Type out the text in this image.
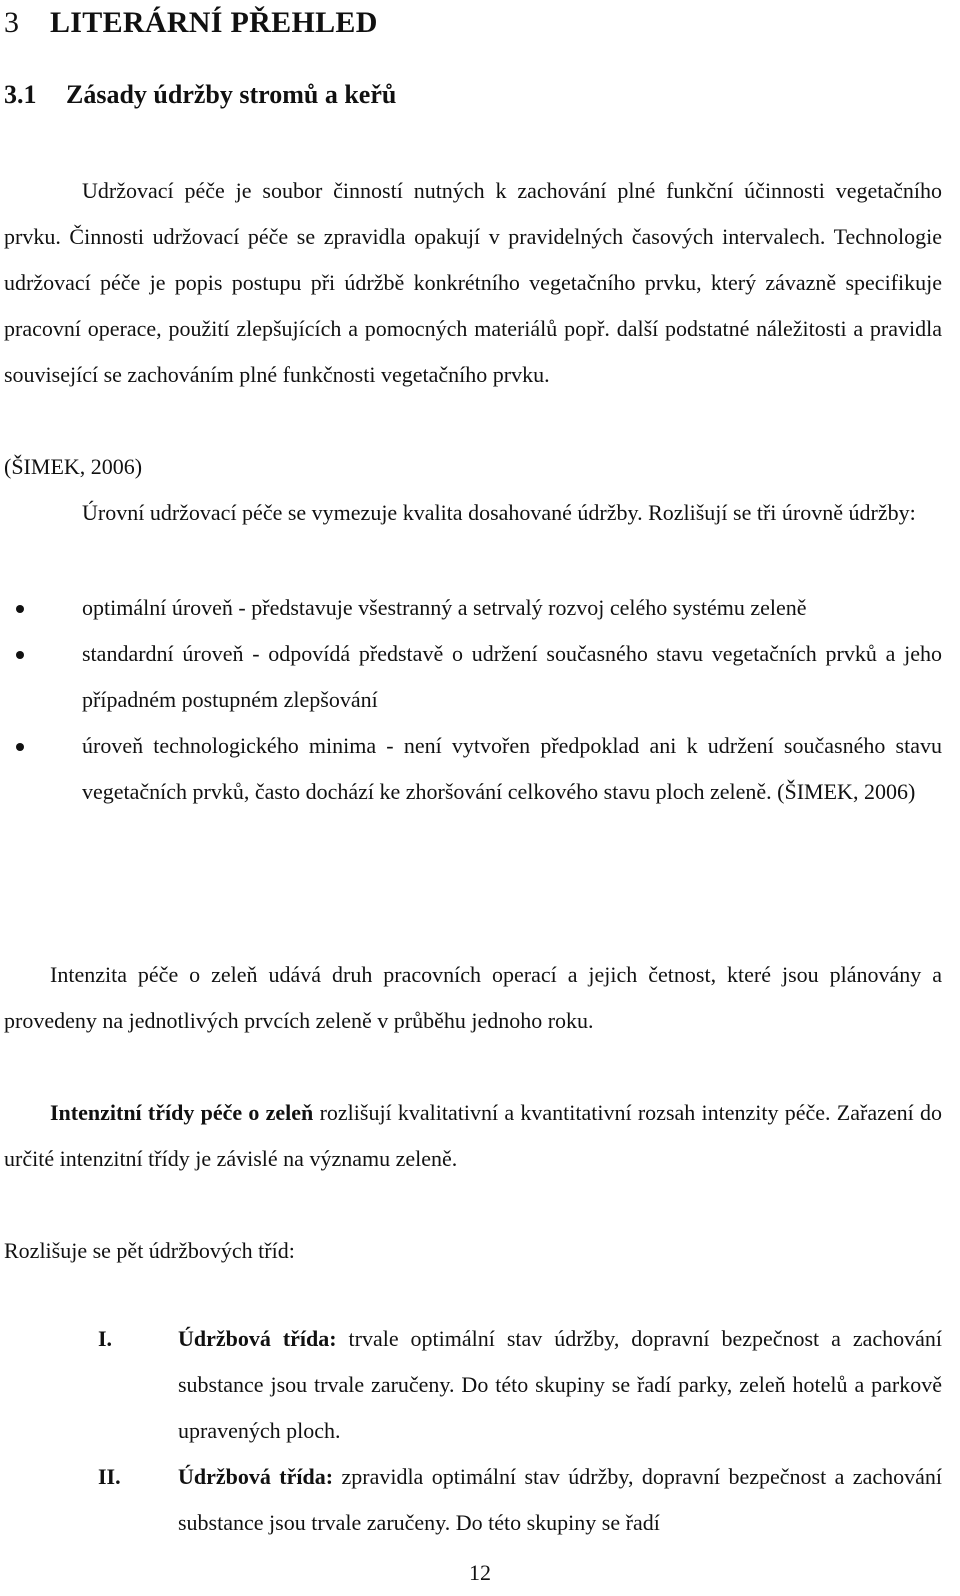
3 LITERÁRNÍ PŘEHLED
3.1 Zásady údržby stromů a keřů

Udržovací péče je soubor činností nutných k zachování plné funkční účinnosti vegetačního prvku. Činnosti udržovací péče se zpravidla opakují v pravidelných časových intervalech. Technologie udržovací péče je popis postupu při údržbě konkrétního vegetačního prvku, který závazně specifikuje pracovní operace, použití zlepšujících a pomocných materiálů popř. další podstatné náležitosti a pravidla související se zachováním plné funkčnosti vegetačního prvku.

(ŠIMEK, 2006)

Úrovní udržovací péče se vymezuje kvalita dosahované údržby. Rozlišují se tři úrovně údržby:

optimální úroveň - představuje všestranný a setrvalý rozvoj celého systému zeleně
standardní úroveň - odpovídá představě o udržení současného stavu vegetačních prvků a jeho případném postupném zlepšování
úroveň technologického minima - není vytvořen předpoklad ani k udržení současného stavu vegetačních prvků, často dochází ke zhoršování celkového stavu ploch zeleně. (ŠIMEK, 2006)

Intenzita péče o zeleň udává druh pracovních operací a jejich četnost, které jsou plánovány a provedeny na jednotlivých prvcích zeleně v průběhu jednoho roku.

Intenzitní třídy péče o zeleň rozlišují kvalitativní a kvantitativní rozsah intenzity péče. Zařazení do určité intenzitní třídy je závislé na významu zeleně.

Rozlišuje se pět údržbových tříd:

I.	Údržbová třída: trvale optimální stav údržby, dopravní bezpečnost a zachování substance jsou trvale zaručeny. Do této skupiny se řadí parky, zeleň hotelů a parkově upravených ploch.
II.	Údržbová třída: zpravidla optimální stav údržby, dopravní bezpečnost a zachování substance jsou trvale zaručeny. Do této skupiny se řadí
12
